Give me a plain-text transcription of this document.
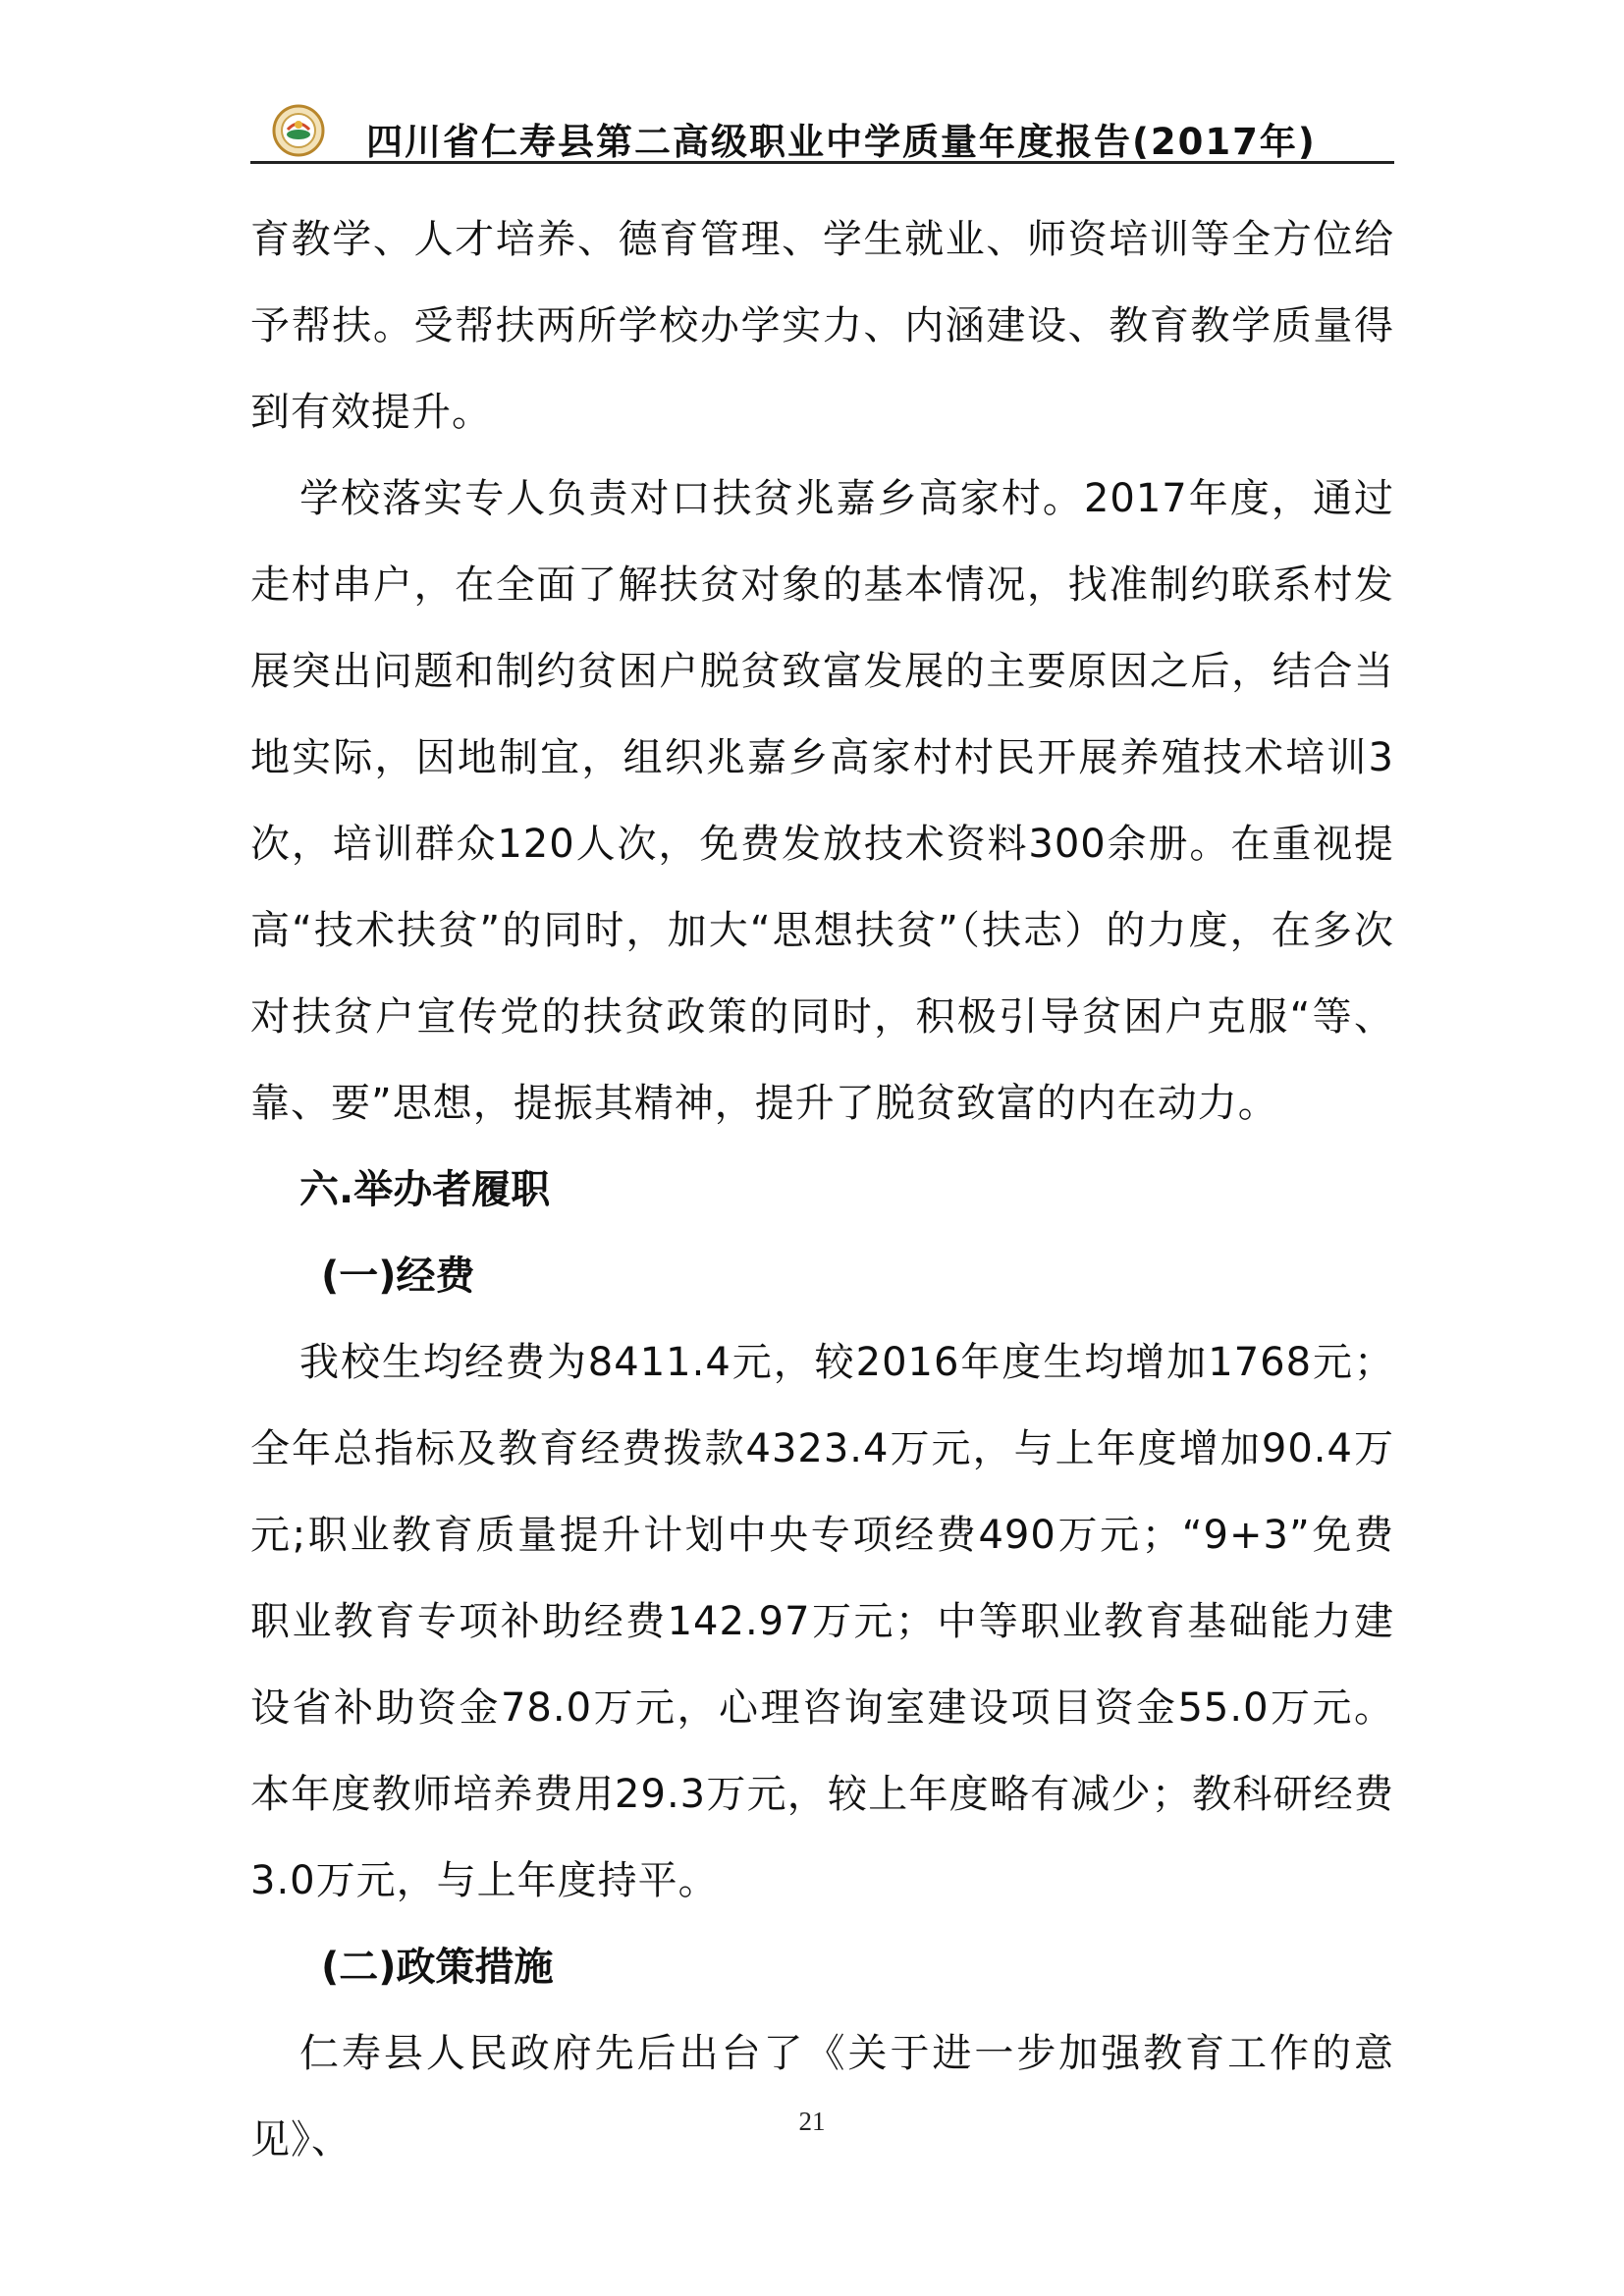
四川省仁寿县第二高级职业中学质量年度报告(2017年)

育教学、人才培养、德育管理、学生就业、师资培训等全方位给予帮扶。受帮扶两所学校办学实力、内涵建设、教育教学质量得到有效提升。

学校落实专人负责对口扶贫兆嘉乡高家村。2017年度，通过走村串户，在全面了解扶贫对象的基本情况，找准制约联系村发展突出问题和制约贫困户脱贫致富发展的主要原因之后，结合当地实际，因地制宜，组织兆嘉乡高家村村民开展养殖技术培训3次，培训群众120人次，免费发放技术资料300余册。在重视提高“技术扶贫”的同时，加大“思想扶贫”（扶志）的力度，在多次对扶贫户宣传党的扶贫政策的同时，积极引导贫困户克服“等、靠、要”思想，提振其精神，提升了脱贫致富的内在动力。

六.举办者履职

(一)经费

我校生均经费为8411.4元，较2016年度生均增加1768元；全年总指标及教育经费拨款4323.4万元，与上年度增加90.4万元;职业教育质量提升计划中央专项经费490万元；“9+3”免费职业教育专项补助经费142.97万元；中等职业教育基础能力建设省补助资金78.0万元，心理咨询室建设项目资金55.0万元。本年度教师培养费用29.3万元，较上年度略有减少；教科研经费3.0万元，与上年度持平。

(二)政策措施

仁寿县人民政府先后出台了《关于进一步加强教育工作的意见》、	21
